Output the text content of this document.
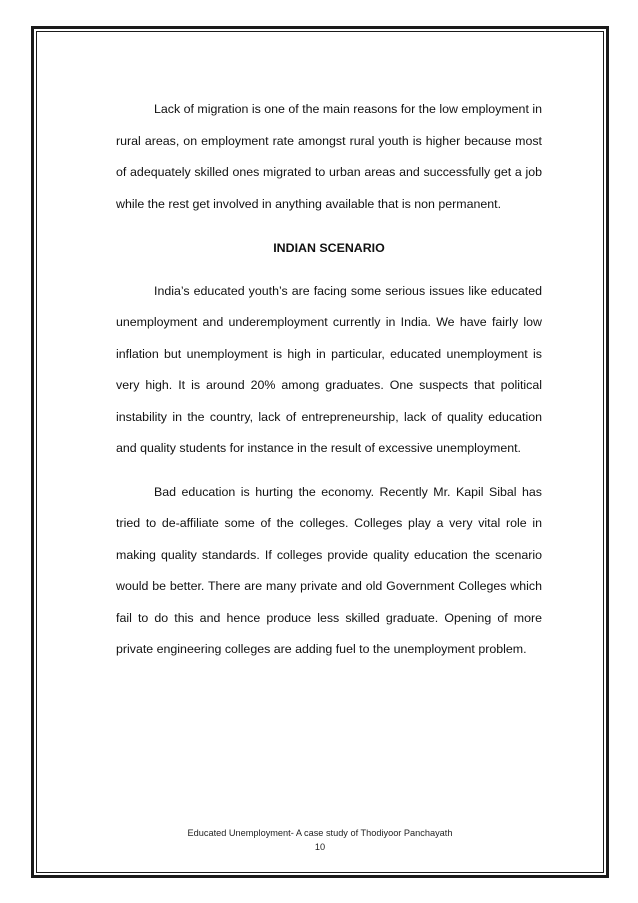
Lack of migration is one of the main reasons for the low employment in rural areas, on employment rate amongst rural youth is higher because most of adequately skilled ones migrated to urban areas and successfully get a job while the rest get involved in anything available that is non permanent.

INDIAN SCENARIO

India’s educated youth’s are facing some serious issues like educated unemployment and underemployment currently in India. We have fairly low inflation but unemployment is high in particular, educated unemployment is very high. It is around 20% among graduates. One suspects that political instability in the country, lack of entrepreneurship, lack of quality education and quality students for instance in the result of excessive unemployment.

Bad education is hurting the economy. Recently Mr. Kapil Sibal has tried to de-affiliate some of the colleges. Colleges play a very vital role in making quality standards. If colleges provide quality education the scenario would be better. There are many private and old Government Colleges which fail to do this and hence produce less skilled graduate. Opening of more private engineering colleges are adding fuel to the unemployment problem.

Educated Unemployment- A case study of Thodiyoor Panchayath
10
